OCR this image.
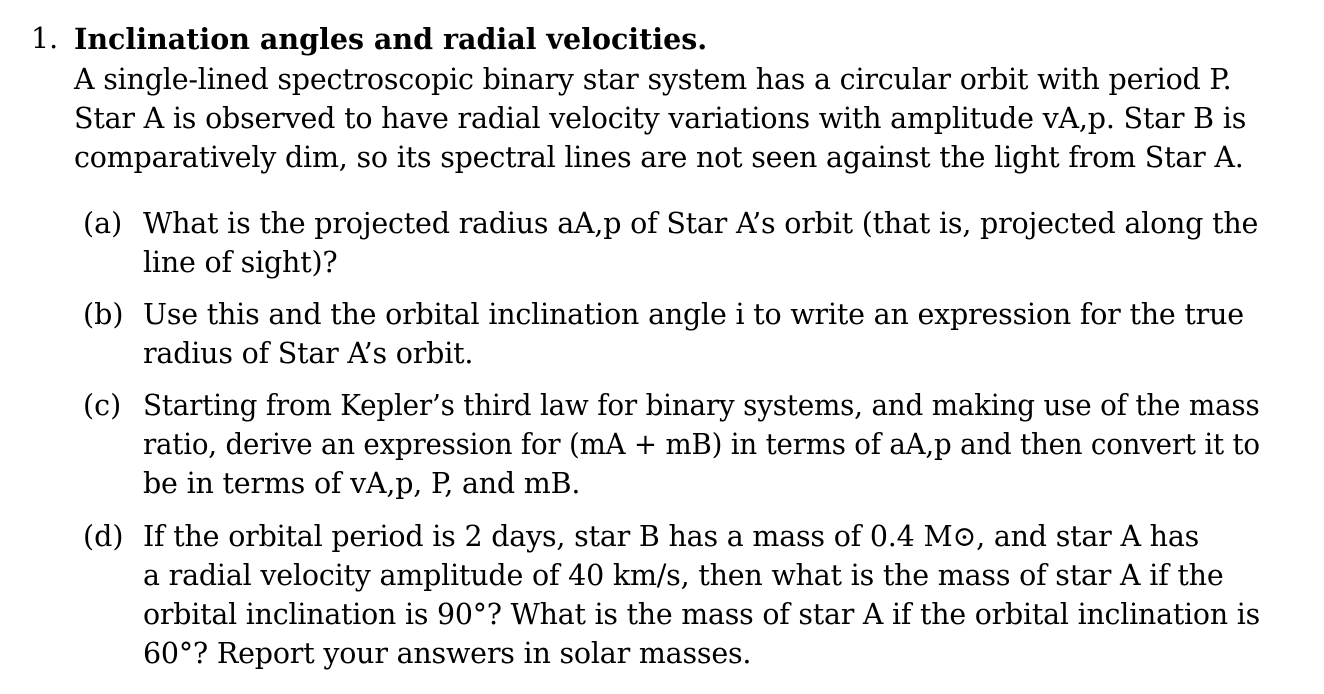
1. Inclination angles and radial velocities.
A single-lined spectroscopic binary star system has a circular orbit with period P.
Star A is observed to have radial velocity variations with amplitude vA,p. Star B is
comparatively dim, so its spectral lines are not seen against the light from Star A.
(a) What is the projected radius aA,p of Star A’s orbit (that is, projected along the
line of sight)?
(b) Use this and the orbital inclination angle i to write an expression for the true
radius of Star A’s orbit.
(c) Starting from Kepler’s third law for binary systems, and making use of the mass
ratio, derive an expression for (mA + mB) in terms of aA,p and then convert it to
be in terms of vA,p, P, and mB.
(d) If the orbital period is 2 days, star B has a mass of 0.4 M⊙, and star A has
a radial velocity amplitude of 40 km/s, then what is the mass of star A if the
orbital inclination is 90°? What is the mass of star A if the orbital inclination is
60°? Report your answers in solar masses.
